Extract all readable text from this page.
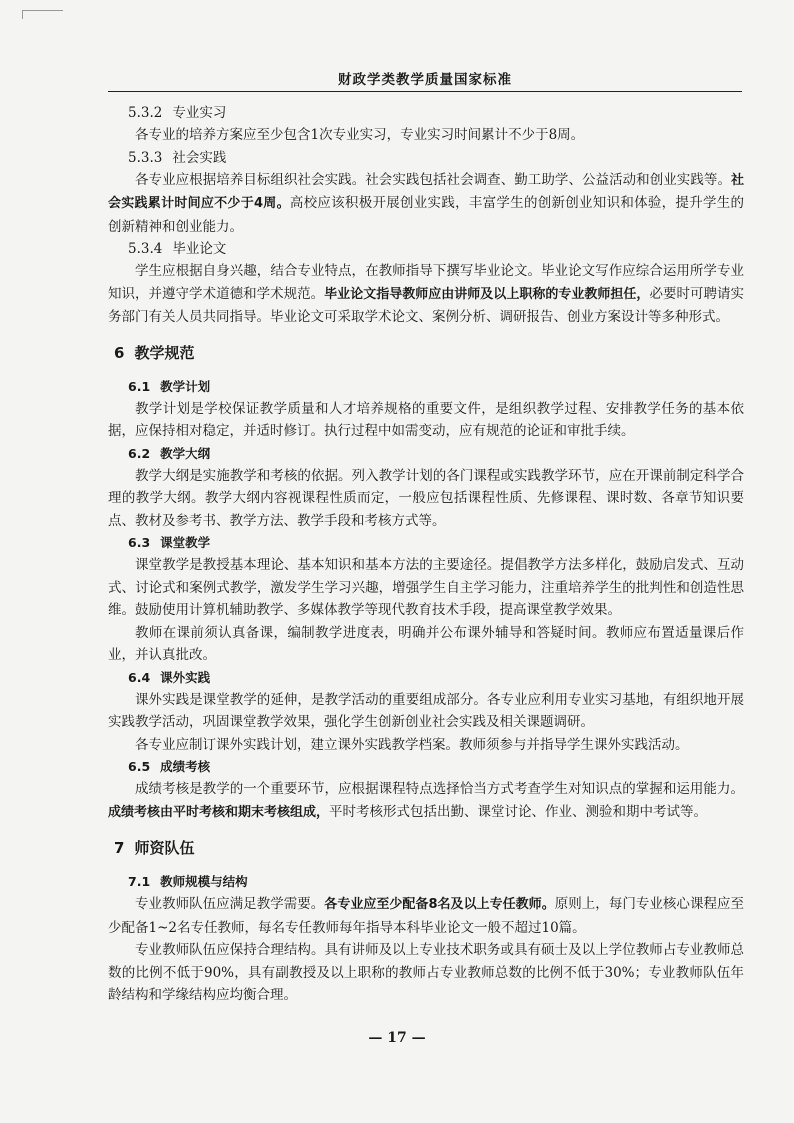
财政学类教学质量国家标准
5.3.2 专业实习

各专业的培养方案应至少包含1次专业实习，专业实习时间累计不少于8周。

5.3.3 社会实践

各专业应根据培养目标组织社会实践。社会实践包括社会调查、勤工助学、公益活动和创业实践等。社会实践累计时间应不少于4周。高校应该积极开展创业实践，丰富学生的创新创业知识和体验，提升学生的创新精神和创业能力。

5.3.4 毕业论文

学生应根据自身兴趣，结合专业特点，在教师指导下撰写毕业论文。毕业论文写作应综合运用所学专业知识，并遵守学术道德和学术规范。毕业论文指导教师应由讲师及以上职称的专业教师担任，必要时可聘请实务部门有关人员共同指导。毕业论文可采取学术论文、案例分析、调研报告、创业方案设计等多种形式。

6 教学规范
6.1 教学计划

教学计划是学校保证教学质量和人才培养规格的重要文件，是组织教学过程、安排教学任务的基本依据，应保持相对稳定，并适时修订。执行过程中如需变动，应有规范的论证和审批手续。

6.2 教学大纲

教学大纲是实施教学和考核的依据。列入教学计划的各门课程或实践教学环节，应在开课前制定科学合理的教学大纲。教学大纲内容视课程性质而定，一般应包括课程性质、先修课程、课时数、各章节知识要点、教材及参考书、教学方法、教学手段和考核方式等。

6.3 课堂教学

课堂教学是教授基本理论、基本知识和基本方法的主要途径。提倡教学方法多样化，鼓励启发式、互动式、讨论式和案例式教学，激发学生学习兴趣，增强学生自主学习能力，注重培养学生的批判性和创造性思维。鼓励使用计算机辅助教学、多媒体教学等现代教育技术手段，提高课堂教学效果。

教师在课前须认真备课，编制教学进度表，明确并公布课外辅导和答疑时间。教师应布置适量课后作业，并认真批改。

6.4 课外实践

课外实践是课堂教学的延伸，是教学活动的重要组成部分。各专业应利用专业实习基地，有组织地开展实践教学活动，巩固课堂教学效果，强化学生创新创业社会实践及相关课题调研。

各专业应制订课外实践计划，建立课外实践教学档案。教师须参与并指导学生课外实践活动。

6.5 成绩考核

成绩考核是教学的一个重要环节，应根据课程特点选择恰当方式考查学生对知识点的掌握和运用能力。成绩考核由平时考核和期末考核组成，平时考核形式包括出勤、课堂讨论、作业、测验和期中考试等。

7 师资队伍
7.1 教师规模与结构

专业教师队伍应满足教学需要。各专业应至少配备8名及以上专任教师。原则上，每门专业核心课程应至少配备1~2名专任教师，每名专任教师每年指导本科毕业论文一般不超过10篇。

专业教师队伍应保持合理结构。具有讲师及以上专业技术职务或具有硕士及以上学位教师占专业教师总数的比例不低于90%，具有副教授及以上职称的教师占专业教师总数的比例不低于30%；专业教师队伍年龄结构和学缘结构应均衡合理。

— 17 —
